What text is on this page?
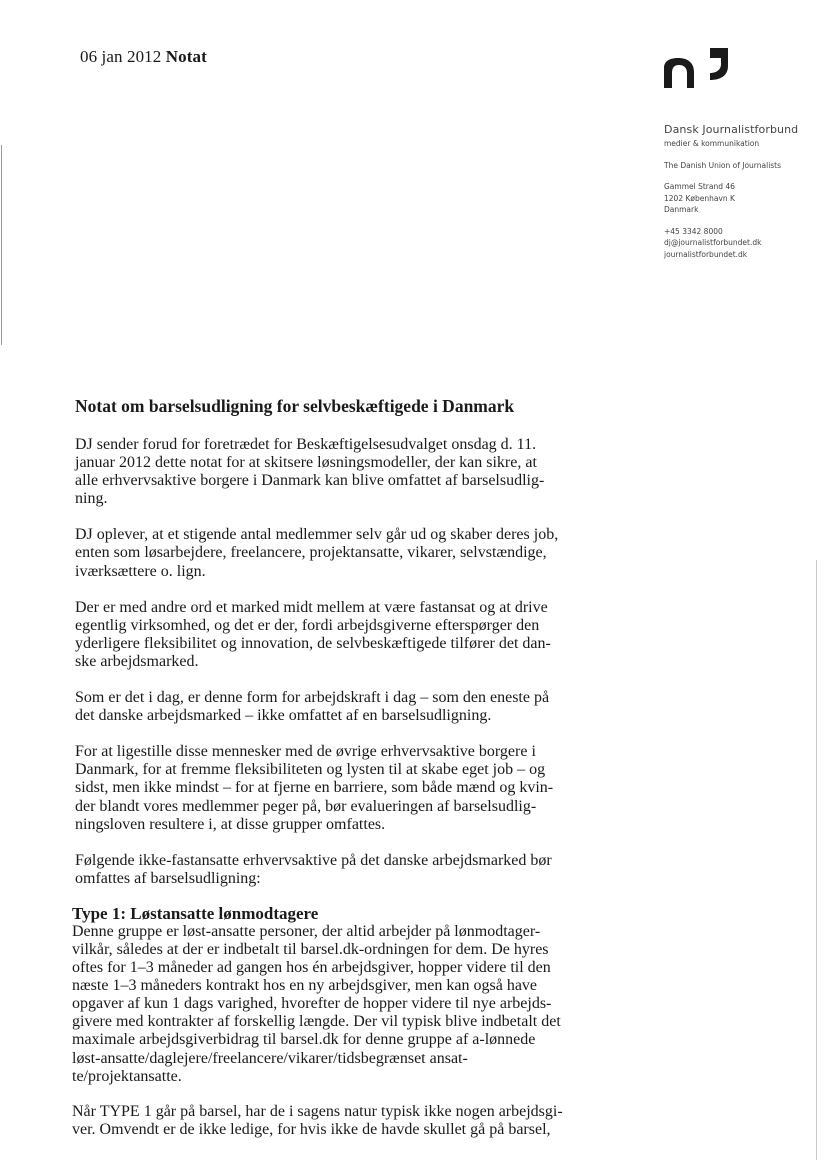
06 jan 2012 Notat

Dansk Journalistforbund

medier & kommunikation

The Danish Union of Journalists

Gammel Strand 46

1202 København K

Danmark

+45 3342 8000

dj@journalistforbundet.dk

journalistforbundet.dk

Notat om barselsudligning for selvbeskæftigede i Danmark

DJ sender forud for foretrædet for Beskæftigelsesudvalget onsdag d. 11.
januar 2012 dette notat for at skitsere løsningsmodeller, der kan sikre, at
alle erhvervsaktive borgere i Danmark kan blive omfattet af barselsudlig-
ning.

DJ oplever, at et stigende antal medlemmer selv går ud og skaber deres job,
enten som løsarbejdere, freelancere, projektansatte, vikarer, selvstændige,
iværksættere o. lign.

Der er med andre ord et marked midt mellem at være fastansat og at drive
egentlig virksomhed, og det er der, fordi arbejdsgiverne efterspørger den
yderligere fleksibilitet og innovation, de selvbeskæftigede tilfører det dan-
ske arbejdsmarked.

Som er det i dag, er denne form for arbejdskraft i dag – som den eneste på
det danske arbejdsmarked – ikke omfattet af en barselsudligning.

For at ligestille disse mennesker med de øvrige erhvervsaktive borgere i
Danmark, for at fremme fleksibiliteten og lysten til at skabe eget job – og
sidst, men ikke mindst – for at fjerne en barriere, som både mænd og kvin-
der blandt vores medlemmer peger på, bør evalueringen af barselsudlig-
ningsloven resultere i, at disse grupper omfattes.

Følgende ikke-fastansatte erhvervsaktive på det danske arbejdsmarked bør
omfattes af barselsudligning:

Type 1: Løstansatte lønmodtagere

Denne gruppe er løst-ansatte personer, der altid arbejder på lønmodtager-
vilkår, således at der er indbetalt til barsel.dk-ordningen for dem. De hyres
oftes for 1–3 måneder ad gangen hos én arbejdsgiver, hopper videre til den
næste 1–3 måneders kontrakt hos en ny arbejdsgiver, men kan også have
opgaver af kun 1 dags varighed, hvorefter de hopper videre til nye arbejds-
givere med kontrakter af forskellig længde. Der vil typisk blive indbetalt det
maximale arbejdsgiverbidrag til barsel.dk for denne gruppe af a-lønnede
løst-ansatte/daglejere/freelancere/vikarer/tidsbegrænset ansat-
te/projektansatte.

Når TYPE 1 går på barsel, har de i sagens natur typisk ikke nogen arbejdsgi-
ver. Omvendt er de ikke ledige, for hvis ikke de havde skullet gå på barsel,
